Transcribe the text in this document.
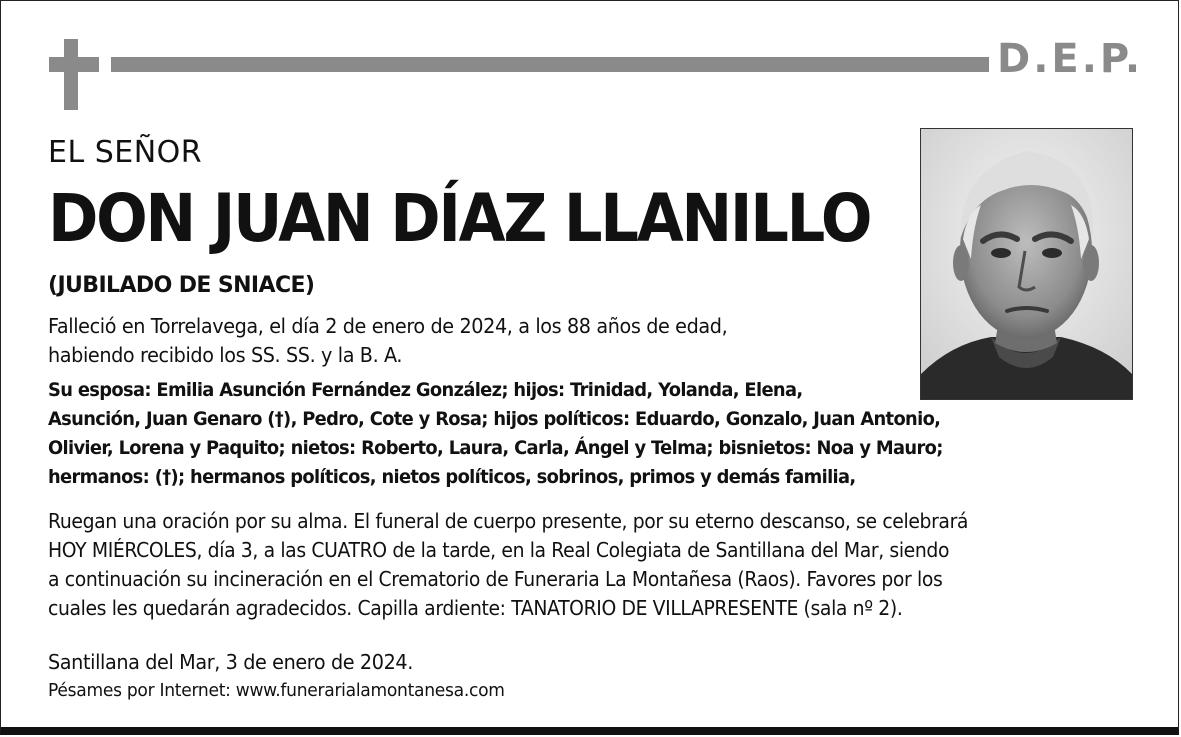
D.E.P.
EL SEÑOR
DON JUAN DÍAZ LLANILLO
(JUBILADO DE SNIACE)
Falleció en Torrelavega, el día 2 de enero de 2024, a los 88 años de edad,
habiendo recibido los SS. SS. y la B. A.
Su esposa: Emilia Asunción Fernández González; hijos: Trinidad, Yolanda, Elena,
Asunción, Juan Genaro (†), Pedro, Cote y Rosa; hijos políticos: Eduardo, Gonzalo, Juan Antonio,
Olivier, Lorena y Paquito; nietos: Roberto, Laura, Carla, Ángel y Telma; bisnietos: Noa y Mauro;
hermanos: (†); hermanos políticos, nietos políticos, sobrinos, primos y demás familia,
Ruegan una oración por su alma. El funeral de cuerpo presente, por su eterno descanso, se celebrará
HOY MIÉRCOLES, día 3, a las CUATRO de la tarde, en la Real Colegiata de Santillana del Mar, siendo
a continuación su incineración en el Crematorio de Funeraria La Montañesa (Raos). Favores por los
cuales les quedarán agradecidos. Capilla ardiente: TANATORIO DE VILLAPRESENTE (sala nº 2).
Santillana del Mar, 3 de enero de 2024.
Pésames por Internet: www.funerarialamontanesa.com
